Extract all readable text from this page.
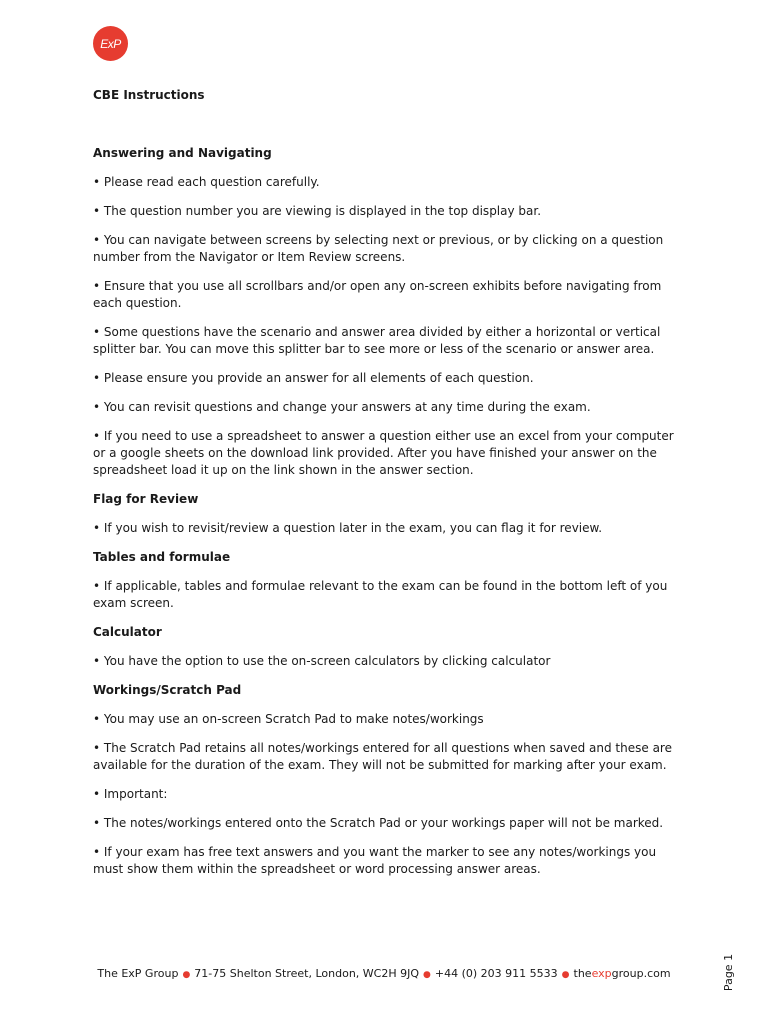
ExP
CBE Instructions
Answering and Navigating
• Please read each question carefully.
• The question number you are viewing is displayed in the top display bar.
• You can navigate between screens by selecting next or previous, or by clicking on a question number from the Navigator or Item Review screens.
• Ensure that you use all scrollbars and/or open any on-screen exhibits before navigating from each question.
• Some questions have the scenario and answer area divided by either a horizontal or vertical splitter bar. You can move this splitter bar to see more or less of the scenario or answer area.
• Please ensure you provide an answer for all elements of each question.
• You can revisit questions and change your answers at any time during the exam.
• If you need to use a spreadsheet to answer a question either use an excel from your computer or a google sheets on the download link provided. After you have finished your answer on the spreadsheet load it up on the link shown in the answer section.
Flag for Review
• If you wish to revisit/review a question later in the exam, you can flag it for review.
Tables and formulae
• If applicable, tables and formulae relevant to the exam can be found in the bottom left of you exam screen.
Calculator
• You have the option to use the on-screen calculators by clicking calculator
Workings/Scratch Pad
• You may use an on-screen Scratch Pad to make notes/workings
• The Scratch Pad retains all notes/workings entered for all questions when saved and these are available for the duration of the exam. They will not be submitted for marking after your exam.
• Important:
• The notes/workings entered onto the Scratch Pad or your workings paper will not be marked.
• If your exam has free text answers and you want the marker to see any notes/workings you must show them within the spreadsheet or word processing answer areas.
The ExP Group ● 71-75 Shelton Street, London, WC2H 9JQ ● +44 (0) 203 911 5533 ● theexpgroup.com	Page 1
